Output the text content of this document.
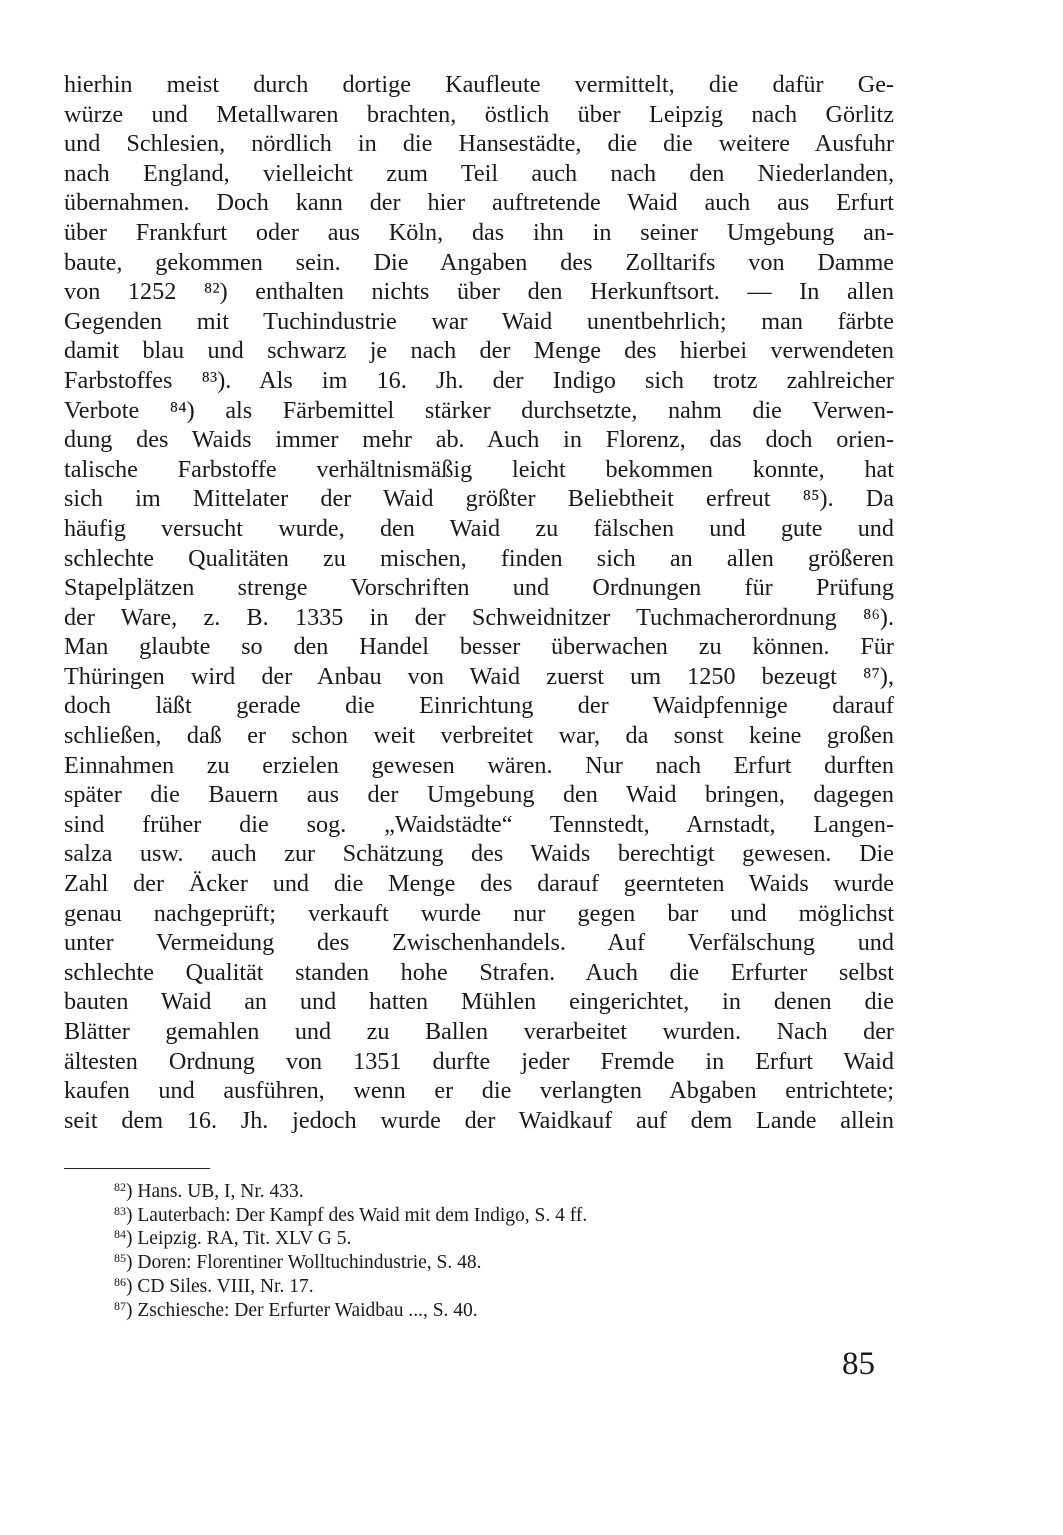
hierhin meist durch dortige Kaufleute vermittelt, die dafür Ge-
würze und Metallwaren brachten, östlich über Leipzig nach Görlitz
und Schlesien, nördlich in die Hansestädte, die die weitere Ausfuhr
nach England, vielleicht zum Teil auch nach den Niederlanden,
übernahmen. Doch kann der hier auftretende Waid auch aus Erfurt
über Frankfurt oder aus Köln, das ihn in seiner Umgebung an-
baute, gekommen sein. Die Angaben des Zolltarifs von Damme
von 1252 ⁸²) enthalten nichts über den Herkunftsort. — In allen
Gegenden mit Tuchindustrie war Waid unentbehrlich; man färbte
damit blau und schwarz je nach der Menge des hierbei verwendeten
Farbstoffes ⁸³). Als im 16. Jh. der Indigo sich trotz zahlreicher
Verbote ⁸⁴) als Färbemittel stärker durchsetzte, nahm die Verwen-
dung des Waids immer mehr ab. Auch in Florenz, das doch orien-
talische Farbstoffe verhältnismäßig leicht bekommen konnte, hat
sich im Mittelater der Waid größter Beliebtheit erfreut ⁸⁵). Da
häufig versucht wurde, den Waid zu fälschen und gute und
schlechte Qualitäten zu mischen, finden sich an allen größeren
Stapelplätzen strenge Vorschriften und Ordnungen für Prüfung
der Ware, z. B. 1335 in der Schweidnitzer Tuchmacherordnung ⁸⁶).
Man glaubte so den Handel besser überwachen zu können. Für
Thüringen wird der Anbau von Waid zuerst um 1250 bezeugt ⁸⁷),
doch läßt gerade die Einrichtung der Waidpfennige darauf
schließen, daß er schon weit verbreitet war, da sonst keine großen
Einnahmen zu erzielen gewesen wären. Nur nach Erfurt durften
später die Bauern aus der Umgebung den Waid bringen, dagegen
sind früher die sog. „Waidstädte“ Tennstedt, Arnstadt, Langen-
salza usw. auch zur Schätzung des Waids berechtigt gewesen. Die
Zahl der Äcker und die Menge des darauf geernteten Waids wurde
genau nachgeprüft; verkauft wurde nur gegen bar und möglichst
unter Vermeidung des Zwischenhandels. Auf Verfälschung und
schlechte Qualität standen hohe Strafen. Auch die Erfurter selbst
bauten Waid an und hatten Mühlen eingerichtet, in denen die
Blätter gemahlen und zu Ballen verarbeitet wurden. Nach der
ältesten Ordnung von 1351 durfte jeder Fremde in Erfurt Waid
kaufen und ausführen, wenn er die verlangten Abgaben entrichtete;
seit dem 16. Jh. jedoch wurde der Waidkauf auf dem Lande allein
$^{82}$) Hans. UB, I, Nr. 433.
$^{83}$) Lauterbach: Der Kampf des Waid mit dem Indigo, S. 4 ff.
$^{84}$) Leipzig. RA, Tit. XLV G 5.
$^{85}$) Doren: Florentiner Wolltuchindustrie, S. 48.
$^{86}$) CD Siles. VIII, Nr. 17.
$^{87}$) Zschiesche: Der Erfurter Waidbau ..., S. 40.
85
